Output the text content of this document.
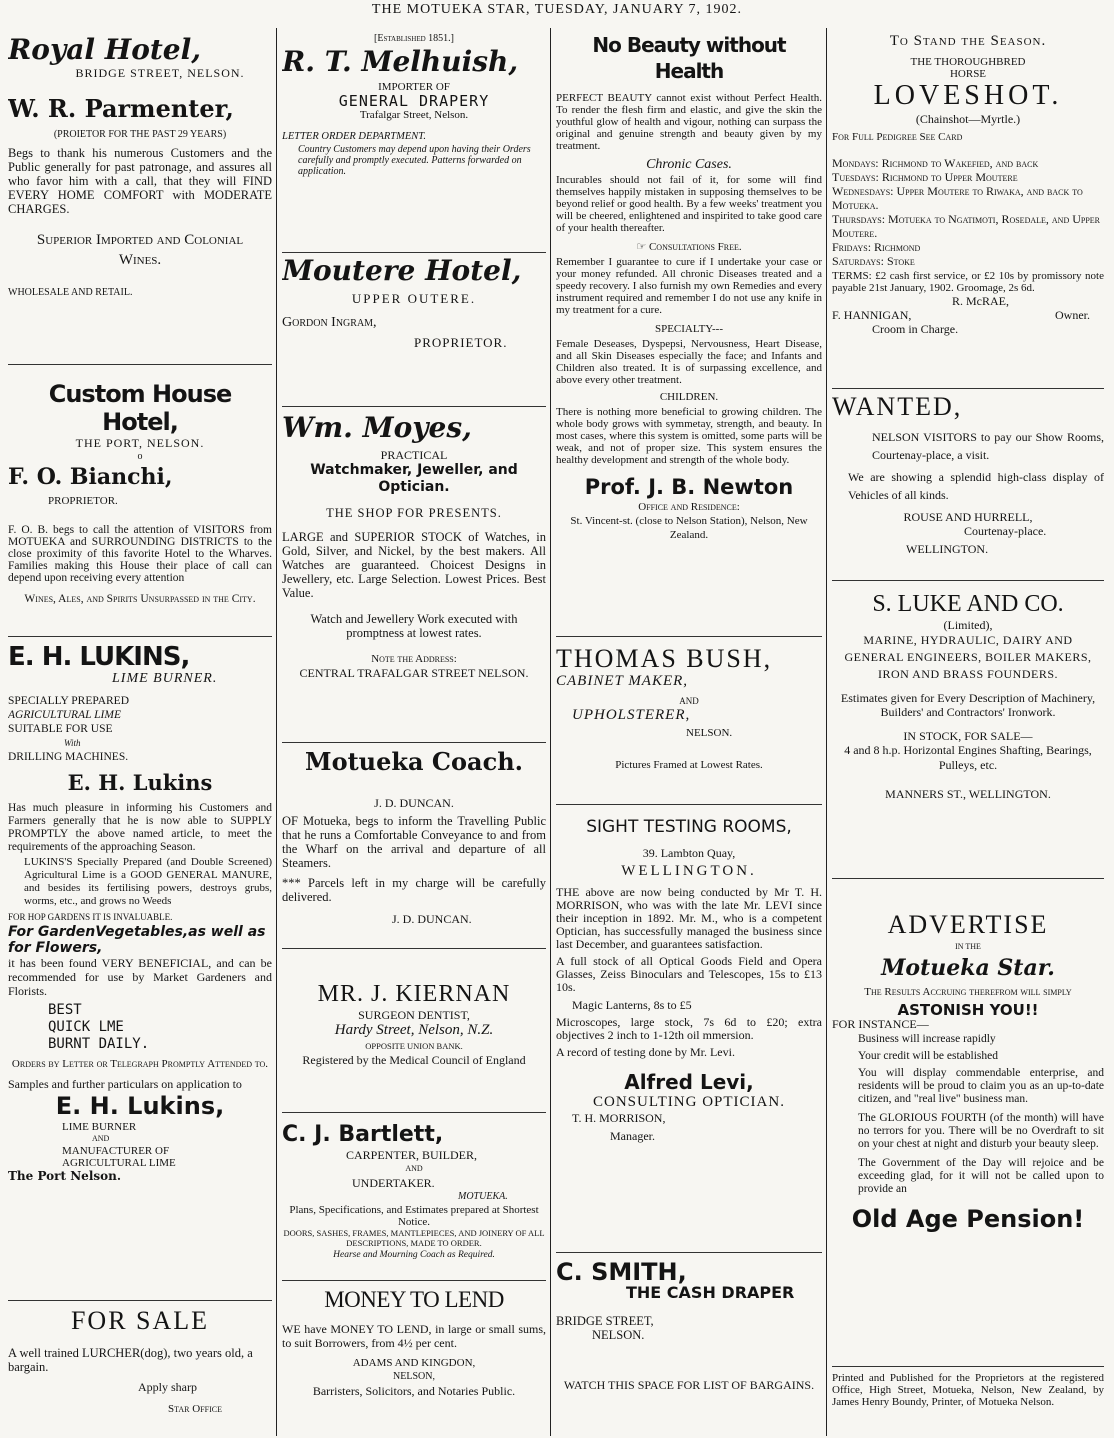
THE MOTUEKA STAR, TUESDAY, JANUARY 7, 1902.
Royal Hotel,
BRIDGE STREET, NELSON.
W. R. Parmenter,
(PROIETOR FOR THE PAST 29 YEARS)

Begs to thank his numerous Customers and the Public generally for past patronage, and assures all who favor him with a call, that they will FIND EVERY HOME COMFORT with MODERATE CHARGES.

Superior Imported and Colonial Wines.

WHOLESALE AND RETAIL.

Custom House Hotel,
THE PORT, NELSON.
o
F. O. Bianchi,
PROPRIETOR.

F. O. B. begs to call the attention of VISITORS from MOTUEKA and SURROUNDING DISTRICTS to the close proximity of this favorite Hotel to the Wharves. Families making this House their place of call can depend upon receiving every attention

Wines, Ales, and Spirits Unsurpassed in the City.

E. H. LUKINS,
LIME BURNER.
SPECIALLY PREPARED
AGRICULTURAL LIME
SUITABLE FOR USE
With
DRILLING MACHINES.
E. H. Lukins

Has much pleasure in informing his Customers and Farmers generally that he is now able to SUPPLY PROMPTLY the above named article, to meet the requirements of the approaching Season.

LUKINS'S Specially Prepared (and Double Screened) Agricultural Lime is a GOOD GENERAL MANURE, and besides its fertilising powers, destroys grubs, worms, etc., and grows no Weeds

FOR HOP GARDENS IT IS INVALUABLE.

For GardenVegetables,as well as for Flowers,

it has been found VERY BENEFICIAL, and can be recommended for use by Market Gardeners and Florists.

BEST
QUICK LME
BURNT DAILY.

Orders by Letter or Telegraph Promptly Attended to.

Samples and further particulars on application to

E. H. Lukins,
LIME BURNER
AND
MANUFACTURER OF
AGRICULTURAL LIME
The Port Nelson.
FOR SALE

A well trained LURCHER(dog), two years old, a bargain.

Apply sharp

Star Office

[Established 1851.]
R. T. Melhuish,
IMPORTER OF
GENERAL DRAPERY
Trafalgar Street, Nelson.
LETTER ORDER DEPARTMENT.

Country Customers may depend upon having their Orders carefully and promptly executed. Patterns forwarded on application.

Moutere Hotel,
UPPER OUTERE.
Gordon Ingram,
PROPRIETOR.
Wm. Moyes,
PRACTICAL
Watchmaker, Jeweller, and Optician.
THE SHOP FOR PRESENTS.

LARGE and SUPERIOR STOCK of Watches, in Gold, Silver, and Nickel, by the best makers. All Watches are guaranteed. Choicest Designs in Jewellery, etc. Large Selection. Lowest Prices. Best Value.

Watch and Jewellery Work executed with promptness at lowest rates.

Note the Address:

CENTRAL TRAFALGAR STREET NELSON.

Motueka Coach.
J. D. DUNCAN.

OF Motueka, begs to inform the Travelling Public that he runs a Comfortable Conveyance to and from the Wharf on the arrival and departure of all Steamers.

*** Parcels left in my charge will be carefully delivered.

J. D. DUNCAN.

MR. J. KIERNAN
SURGEON DENTIST,
Hardy Street, Nelson, N.Z.
OPPOSITE UNION BANK.

Registered by the Medical Council of England

C. J. Bartlett,
CARPENTER, BUILDER,
AND
UNDERTAKER.
MOTUEKA.

Plans, Specifications, and Estimates prepared at Shortest Notice.

DOORS, SASHES, FRAMES, MANTLEPIECES, AND JOINERY OF ALL DESCRIPTIONS, MADE TO ORDER.

Hearse and Mourning Coach as Required.

MONEY TO LEND

WE have MONEY TO LEND, in large or small sums, to suit Borrowers, from 4½ per cent.

ADAMS AND KINGDON,

NELSON,

Barristers, Solicitors, and Notaries Public.

No Beauty without Health

PERFECT BEAUTY cannot exist without Perfect Health. To render the flesh firm and elastic, and give the skin the youthful glow of health and vigour, nothing can surpass the original and genuine strength and beauty given by my treatment.

Chronic Cases.

Incurables should not fail of it, for some will find themselves happily mistaken in supposing themselves to be beyond relief or good health. By a few weeks' treatment you will be cheered, enlightened and inspirited to take good care of your health thereafter.

☞ Consultations Free.

Remember I guarantee to cure if I undertake your case or your money refunded. All chronic Diseases treated and a speedy recovery. I also furnish my own Remedies and every instrument required and remember I do not use any knife in my treatment for a cure.

SPECIALTY---

Female Deseases, Dyspepsi, Nervousness, Heart Disease, and all Skin Diseases especially the face; and Infants and Children also treated. It is of surpassing excellence, and above every other treatment.

CHILDREN.

There is nothing more beneficial to growing children. The whole body grows with symmetay, strength, and beauty. In most cases, where this system is omitted, some parts will be weak, and not of proper size. This system ensures the healthy development and strength of the whole body.

Prof. J. B. Newton

Office and Residence:

St. Vincent-st. (close to Nelson Station), Nelson, New Zealand.

THOMAS BUSH,
CABINET MAKER,
AND
UPHOLSTERER,
NELSON.

Pictures Framed at Lowest Rates.

SIGHT TESTING ROOMS,
39. Lambton Quay,
WELLINGTON.

THE above are now being conducted by Mr T. H. MORRISON, who was with the late Mr. LEVI since their inception in 1892. Mr. M., who is a competent Optician, has successfully managed the business since last December, and guarantees satisfaction.

A full stock of all Optical Goods Field and Opera Glasses, Zeiss Binoculars and Telescopes, 15s to £13 10s.

Magic Lanterns, 8s to £5

Microscopes, large stock, 7s 6d to £20; extra objectives 2 inch to 1-12th oil mmersion.

A record of testing done by Mr. Levi.

Alfred Levi,
CONSULTING OPTICIAN.
T. H. MORRISON,
Manager.
C. SMITH,
THE CASH DRAPER
BRIDGE STREET,
NELSON.

WATCH THIS SPACE FOR LIST OF BARGAINS.

To Stand the Season.
THE THOROUGHBRED HORSE
LOVESHOT.
(Chainshot—Myrtle.)
For Full Pedigree See Card

Mondays: Richmond to Wakefied, and back

Tuesdays: Richmond to Upper Moutere

Wednesdays: Upper Moutere to Riwaka, and back to Motueka.

Thursdays: Motueka to Ngatimoti, Rosedale, and Upper Moutere.

Fridays: Richmond

Saturdays: Stoke

TERMS: £2 cash first service, or £2 10s by promissory note payable 21st January, 1902. Groomage, 2s 6d.

R. McRAE,
F. HANNIGAN,	Owner.
Croom in Charge.
WANTED,

NELSON VISITORS to pay our Show Rooms, Courtenay-place, a visit.

We are showing a splendid high-class display of Vehicles of all kinds.

ROUSE AND HURRELL,
Courtenay-place.
WELLINGTON.
S. LUKE AND CO.
(Limited),

MARINE, HYDRAULIC, DAIRY AND GENERAL ENGINEERS, BOILER MAKERS, IRON AND BRASS FOUNDERS.

Estimates given for Every Description of Machinery, Builders' and Contractors' Ironwork.

IN STOCK, FOR SALE—

4 and 8 h.p. Horizontal Engines Shafting, Bearings, Pulleys, etc.

MANNERS ST., WELLINGTON.

ADVERTISE
IN THE
Motueka Star.

The Results Accruing therefrom will simply

ASTONISH YOU!!

FOR INSTANCE—

Business will increase rapidly

Your credit will be established

You will display commendable enterprise, and residents will be proud to claim you as an up-to-date citizen, and "real live" business man.

The GLORIOUS FOURTH (of the month) will have no terrors for you. There will be no Overdraft to sit on your chest at night and disturb your beauty sleep.

The Government of the Day will rejoice and be exceeding glad, for it will not be called upon to provide an

Old Age Pension!

Printed and Published for the Proprietors at the registered Office, High Street, Motueka, Nelson, New Zealand, by James Henry Boundy, Printer, of Motueka Nelson.
